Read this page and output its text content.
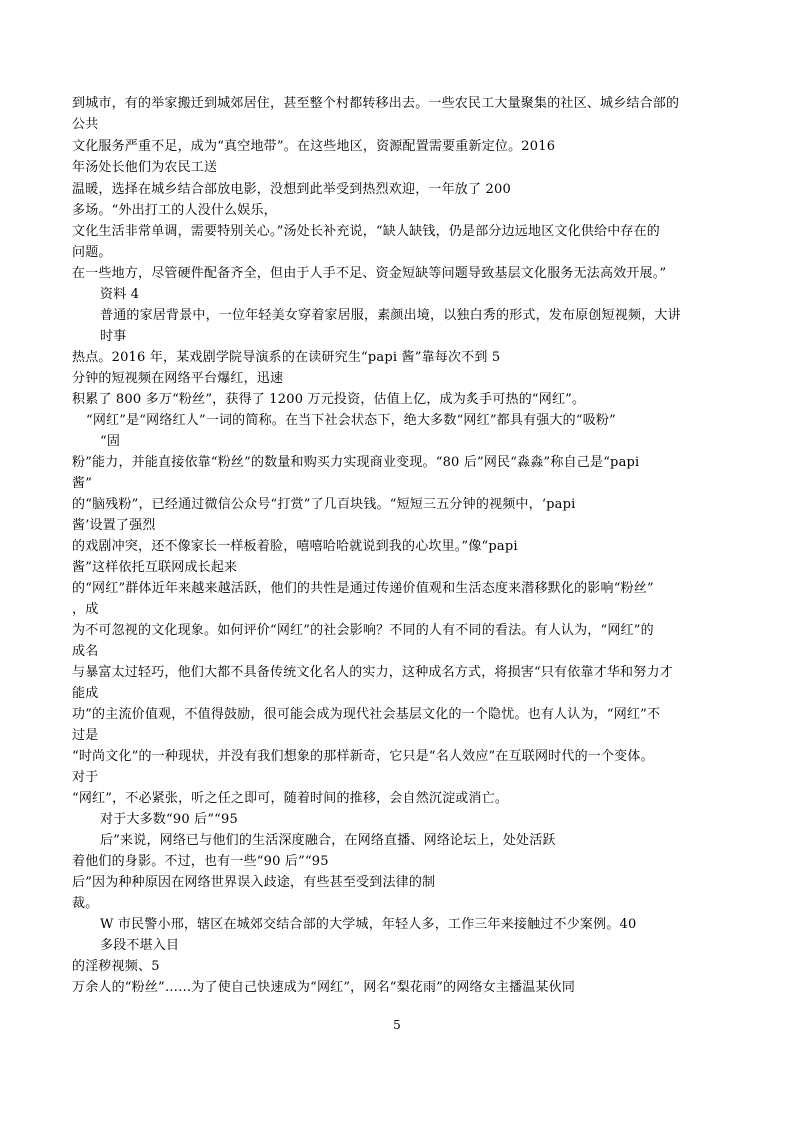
到城市，有的举家搬迁到城郊居住，甚至整个村都转移出去。一些农民工大量聚集的社区、城乡结合部的
公共
文化服务严重不足，成为“真空地带”。在这些地区，资源配置需要重新定位。2016
年汤处长他们为农民工送
温暖，选择在城乡结合部放电影，没想到此举受到热烈欢迎，一年放了 200
多场。“外出打工的人没什么娱乐，
文化生活非常单调，需要特别关心。”汤处长补充说，“缺人缺钱，仍是部分边远地区文化供给中存在的
问题。
在一些地方，尽管硬件配备齐全，但由于人手不足、资金短缺等问题导致基层文化服务无法高效开展。”
资料 4
普通的家居背景中，一位年轻美女穿着家居服，素颜出境，以独白秀的形式，发布原创短视频，大讲
时事
热点。2016 年，某戏剧学院导演系的在读研究生“papi 酱”靠每次不到 5
分钟的短视频在网络平台爆红，迅速
积累了 800 多万“粉丝”，获得了 1200 万元投资，估值上亿，成为炙手可热的“网红”。
“网红”是“网络红人”一词的简称。在当下社会状态下，绝大多数“网红”都具有强大的“吸粉”
“固
粉”能力，并能直接依靠“粉丝”的数量和购买力实现商业变现。“80 后”网民“淼淼”称自己是“papi
酱”
的“脑残粉”，已经通过微信公众号“打赏”了几百块钱。“短短三五分钟的视频中，‘papi
酱’设置了强烈
的戏剧冲突，还不像家长一样板着脸，嘻嘻哈哈就说到我的心坎里。”像“papi
酱”这样依托互联网成长起来
的“网红”群体近年来越来越活跃，他们的共性是通过传递价值观和生活态度来潜移默化的影响“粉丝”
，成
为不可忽视的文化现象。如何评价“网红”的社会影响？不同的人有不同的看法。有人认为，“网红”的
成名
与暴富太过轻巧，他们大都不具备传统文化名人的实力，这种成名方式，将损害“只有依靠才华和努力才
能成
功”的主流价值观，不值得鼓励，很可能会成为现代社会基层文化的一个隐忧。也有人认为，“网红”不
过是
“时尚文化”的一种现状，并没有我们想象的那样新奇，它只是“名人效应”在互联网时代的一个变体。
对于
“网红”，不必紧张，听之任之即可，随着时间的推移，会自然沉淀或消亡。
对于大多数“90 后”“95
后”来说，网络已与他们的生活深度融合，在网络直播、网络论坛上，处处活跃
着他们的身影。不过，也有一些“90 后”“95
后”因为种种原因在网络世界误入歧途，有些甚至受到法律的制
裁。
W 市民警小邢，辖区在城郊交结合部的大学城，年轻人多，工作三年来接触过不少案例。40
多段不堪入目
的淫秽视频、5
万余人的“粉丝”……为了使自己快速成为“网红”，网名“梨花雨”的网络女主播温某伙同
5
